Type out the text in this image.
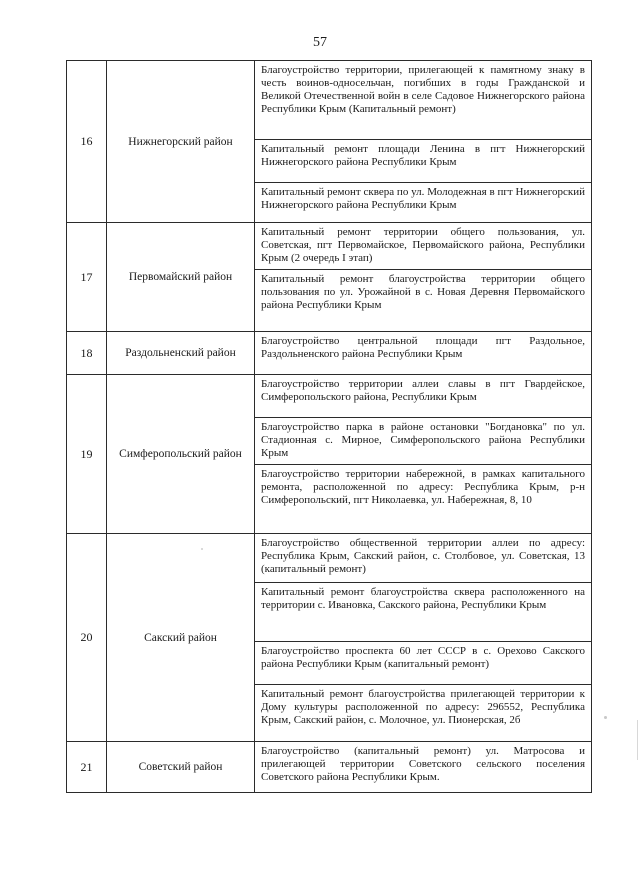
57
16	Нижнегорский район	Благоустройство территории, прилегающей к памятному знаку в честь воинов-односельчан, погибших в годы Гражданской и Великой Отечественной войн в селе Садовое Нижнегорского района Республики Крым (Капитальный ремонт)
Капитальный ремонт площади Ленина в пгт Нижнегорский Нижнегорского района Республики Крым
Капитальный ремонт сквера по ул. Молодежная в пгт Нижнегорский Нижнегорского района Республики Крым

17	Первомайский район	Капитальный ремонт территории общего пользования, ул. Советская, пгт Первомайское, Первомайского района, Республики Крым (2 очередь I этап)
Капитальный ремонт благоустройства территории общего пользования по ул. Урожайной в с. Новая Деревня Первомайского района Республики Крым

18	Раздольненский район	Благоустройство центральной площади пгт Раздольное, Раздольненского района Республики Крым

19	Симферопольский район	Благоустройство территории аллеи славы в пгт Гвардейское, Симферопольского района, Республики Крым
Благоустройство парка в районе остановки "Богдановка" по ул. Стадионная с. Мирное, Симферопольского района Республики Крым
Благоустройство территории набережной, в рамках капитального ремонта, расположенной по адресу: Республика Крым, р-н Симферопольский, пгт Николаевка, ул. Набережная, 8, 10

20	Сакский район	Благоустройство общественной территории аллеи по адресу: Республика Крым, Сакский район, с. Столбовое, ул. Советская, 13 (капитальный ремонт)
Капитальный ремонт благоустройства сквера расположенного на территории с. Ивановка, Сакского района, Республики Крым
Благоустройство проспекта 60 лет СССР в с. Орехово Сакского района Республики Крым (капитальный ремонт)
Капитальный ремонт благоустройства прилегающей территории к Дому культуры расположенной по адресу: 296552, Республика Крым, Сакский район, с. Молочное, ул. Пионерская, 2б

21	Советский район	Благоустройство (капитальный ремонт) ул. Матросова и прилегающей территории Советского сельского поселения Советского района Республики Крым.
